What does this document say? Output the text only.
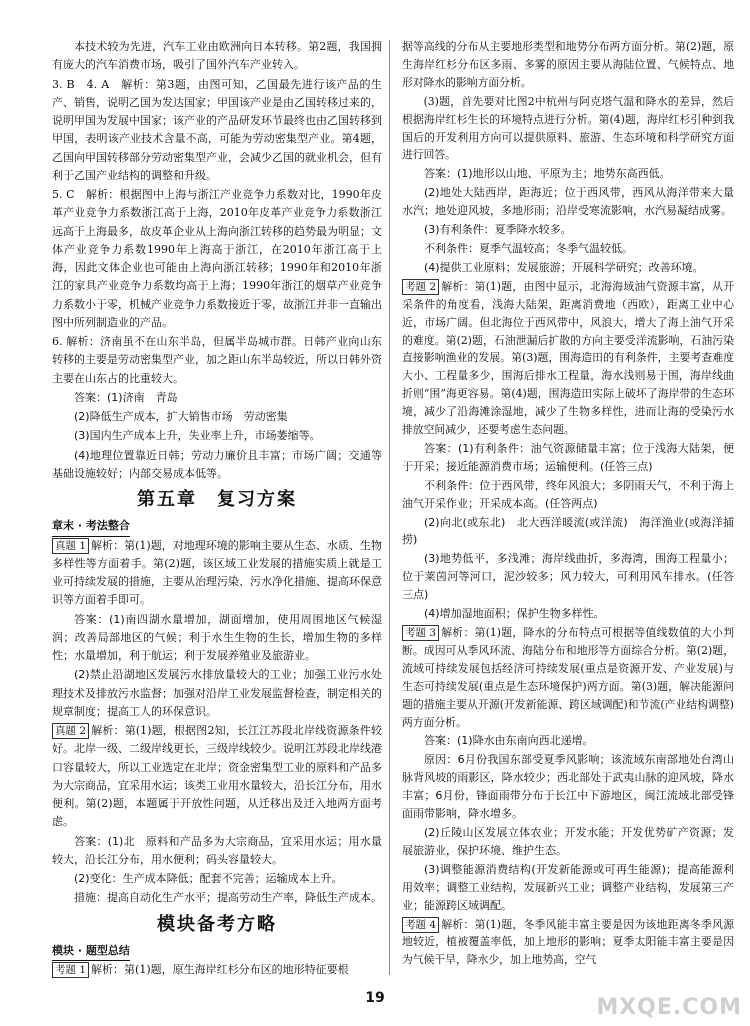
本技术较为先进，汽车工业由欧洲向日本转移。第2题，我国拥有庞大的汽车消费市场，吸引了国外汽车产业转入。

3. B　4. A　解析：第3题，由图可知，乙国最先进行该产品的生产、销售，说明乙国为发达国家；甲国该产业是由乙国转移过来的，说明甲国为发展中国家；该产业的产品研发环节最终也由乙国转移到甲国，表明该产业技术含量不高，可能为劳动密集型产业。第4题，乙国向甲国转移部分劳动密集型产业，会减少乙国的就业机会，但有利于乙国产业结构的调整和升级。

5. C　解析：根据图中上海与浙江产业竞争力系数对比，1990年皮革产业竞争力系数浙江高于上海，2010年皮革产业竞争力系数浙江远高于上海最多，故皮革企业从上海向浙江转移的趋势最为明显；文体产业竞争力系数1990年上海高于浙江，在2010年浙江高于上海，因此文体企业也可能由上海向浙江转移；1990年和2010年浙江的家具产业竞争力系数均高于上海；1990年浙江的烟草产业竞争力系数小于零，机械产业竞争力系数接近于零，故浙江并非一直输出图中所列制造业的产品。

6. 解析：济南虽不在山东半岛，但属半岛城市群。日韩产业向山东转移的主要是劳动密集型产业，加之距山东半岛较近，所以日韩外资主要在山东占的比重较大。

答案：(1)济南　青岛

(2)降低生产成本，扩大销售市场　劳动密集

(3)国内生产成本上升，失业率上升，市场萎缩等。

(4)地理位置靠近日韩；劳动力廉价且丰富；市场广阔；交通等基础设施较好；内部交易成本低等。

第五章　复习方案
章末 · 考法整合

真题 1 解析：第(1)题，对地理环境的影响主要从生态、水质、生物多样性等方面着手。第(2)题，该区域工业发展的措施实质上就是工业可持续发展的措施，主要从治理污染、污水净化措施、提高环保意识等方面着手即可。

答案：(1)南四湖水量增加，湖面增加，使用周围地区气候湿润；改善局部地区的气候；利于水生生物的生长，增加生物的多样性；水量增加，利于航运；利于发展养殖业及旅游业。

(2)禁止沿湖地区发展污水排放量较大的工业；加强工业污水处理技术及排放污水监督；加强对沿岸工业发展监督检查，制定相关的规章制度；提高工人的环保意识。

真题 2 解析：第(1)题，根据图2知，长江江苏段北岸线资源条件较好。北岸一级、二级岸线更长，三级岸线较少。说明江苏段北岸线港口容量较大，所以工业选定在北岸；资金密集型工业的原料和产品多为大宗商品，宜采用水运；该类工业用水量较大，沿长江分布，用水便利。第(2)题，本题属于开放性问题，从迁移出及迁入地两方面考虑。

答案：(1)北　原料和产品多为大宗商品，宜采用水运；用水量较大，沿长江分布，用水便利；码头容量较大。

(2)变化：生产成本降低；配套不完善；运输成本上升。

措施：提高自动化生产水平；提高劳动生产率，降低生产成本。

模块备考方略
模块 · 题型总结

考题 1 解析：第(1)题，原生海岸红杉分布区的地形特征要根

据等高线的分布从主要地形类型和地势分布两方面分析。第(2)题，原生海岸红杉分布区多雨、多雾的原因主要从海陆位置、气候特点、地形对降水的影响方面分析。

(3)题，首先要对比图2中杭州与阿克塔气温和降水的差异，然后根据海岸红杉生长的环境特点进行分析。第(4)题，海岸红杉引种到我国后的开发利用方向可以提供原料、旅游、生态环境和科学研究方面进行回答。

答案：(1)地形以山地、平原为主；地势东高西低。

(2)地处大陆西岸，距海近；位于西风带，西风从海洋带来大量水汽；地处迎风坡，多地形雨；沿岸受寒流影响，水汽易凝结成雾。

(3)有利条件：夏季降水较多。

不利条件：夏季气温较高；冬季气温较低。

(4)提供工业原料；发展旅游；开展科学研究；改善环境。

考题 2 解析：第(1)题，由图中显示，北海海域油气资源丰富，从开采条件的角度看，浅海大陆架，距离消费地（西欧），距离工业中心近，市场广阔。但北海位于西风带中，风浪大，增大了海上油气开采的难度。第(2)题，石油泄漏后扩散的方向主要受洋流影响，石油污染直接影响渔业的发展。第(3)题，围海造田的有利条件，主要考查难度大小、工程量多少，围海后排水工程量，海水浅则易于围，海岸线曲折则“围”海更容易。第(4)题，围海造田实际上破坏了海岸带的生态环境，减少了沿海滩涂湿地，减少了生物多样性，进而让海的受染污水排放空间减少，还要考虑生态问题。

答案：(1)有利条件：油气资源储量丰富；位于浅海大陆架，便于开采；接近能源消费市场；运输便利。(任答三点)

不利条件：位于西风带，终年风浪大；多阴雨天气，不利于海上油气开采作业；开采成本高。(任答两点)

(2)向北(或东北)　北大西洋暖流(或洋流)　海洋渔业(或海洋捕捞)

(3)地势低平，多浅滩；海岸线曲折，多海湾，围海工程量小；位于莱茵河等河口，泥沙较多；风力较大，可利用风车排水。(任答三点)

(4)增加湿地面积；保护生物多样性。

考题 3 解析：第(1)题，降水的分布特点可根据等值线数值的大小判断。成因可从季风环流、海陆分布和地形等方面综合分析。第(2)题，流域可持续发展包括经济可持续发展(重点是资源开发、产业发展)与生态可持续发展(重点是生态环境保护)两方面。第(3)题，解决能源问题的措施主要从开源(开发新能源、跨区域调配)和节流(产业结构调整)两方面分析。

答案：(1)降水由东南向西北递增。

原因：6月份我国东部受夏季风影响；该流域东南部地处台湾山脉背风坡的雨影区，降水较少；西北部处于武夷山脉的迎风坡，降水丰富；6月份，锋面雨带分布于长江中下游地区，闽江流域北部受锋面雨带影响，降水增多。

(2)丘陵山区发展立体农业；开发水能；开发优势矿产资源；发展旅游业，保护环境、维护生态。

(3)调整能源消费结构(开发新能源或可再生能源)；提高能源利用效率；调整工业结构，发展新兴工业；调整产业结构，发展第三产业；能源跨区域调配。

考题 4 解析：第(1)题，冬季风能丰富主要是因为该地距离冬季风源地较近，植被覆盖率低，加上地形的影响；夏季太阳能丰富主要是因为气候干旱，降水少，加上地势高，空气

19	MXQE.COM
